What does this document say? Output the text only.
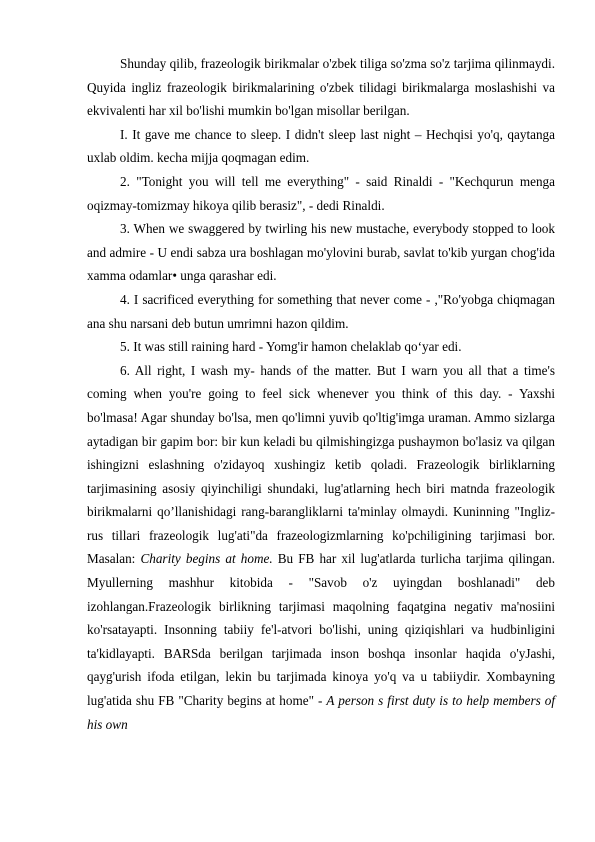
Shunday qilib, frazeologik birikmalar o'zbek tiliga so'zma so'z tarjima qilinmaydi. Quyida ingliz frazeologik birikmalarining o'zbek tilidagi birikmalarga moslashishi va ekvivalenti har xil bo'lishi mumkin bo'lgan misollar berilgan.

I. It gave me chance to sleep. I didn't sleep last night – Hechqisi yo'q, qaytanga uxlab oldim. kecha mijja qoqmagan edim.

2. "Tonight you will tell me everything" - said Rinaldi - "Kechqurun menga oqizmay-tomizmay hikoya qilib berasiz", - dedi Rinaldi.

3. When we swaggered by twirling his new mustache, everybody stopped to look and admire - U endi sabza ura boshlagan mo'ylovini burab, savlat to'kib yurgan chog'ida xamma odamlar• unga qarashar edi.

4. I sacrificed everything for something that never come - ,"Ro'yobga chiqmagan ana shu narsani deb butun umrimni hazon qildim.

5. It was still raining hard - Yomg'ir hamon chelaklab qo‘yar edi.

6. All right, I wash my- hands of the matter. But I warn you all that a time's coming when you're going to feel sick whenever you think of this day. - Yaxshi bo'lmasa! Agar shunday bo'lsa, men qo'limni yuvib qo'ltig'imga uraman. Ammo sizlarga aytadigan bir gapim bor: bir kun keladi bu qilmishingizga pushaymon bo'lasiz va qilgan ishingizni eslashning o'zidayoq xushingiz ketib qoladi. Frazeologik birliklarning tarjimasining asosiy qiyinchiligi shundaki, lug'atlarning hech biri matnda frazeologik birikmalarni qo’llanishidagi rang-barangliklarni ta'minlay olmaydi. Kuninning "Ingliz-rus tillari frazeologik lug'ati"da frazeologizmlarning ko'pchiligining tarjimasi bor. Masalan: Charity begins at home. Bu FB har xil lug'atlarda turlicha tarjima qilingan. Myullerning mashhur kitobida - "Savob o'z uyingdan boshlanadi" deb izohlangan.Frazeologik birlikning tarjimasi maqolning faqatgina negativ ma'nosiini ko'rsatayapti. Insonning tabiiy fe'l-atvori bo'lishi, uning qiziqishlari va hudbinligini ta'kidlayapti. BARSda berilgan tarjimada inson boshqa insonlar haqida o'yJashi, qayg'urish ifoda etilgan, lekin bu tarjimada kinoya yo'q va u tabiiydir. Xombayning lug'atida shu FB "Charity begins at home" - A person s first duty is to help members of his own
